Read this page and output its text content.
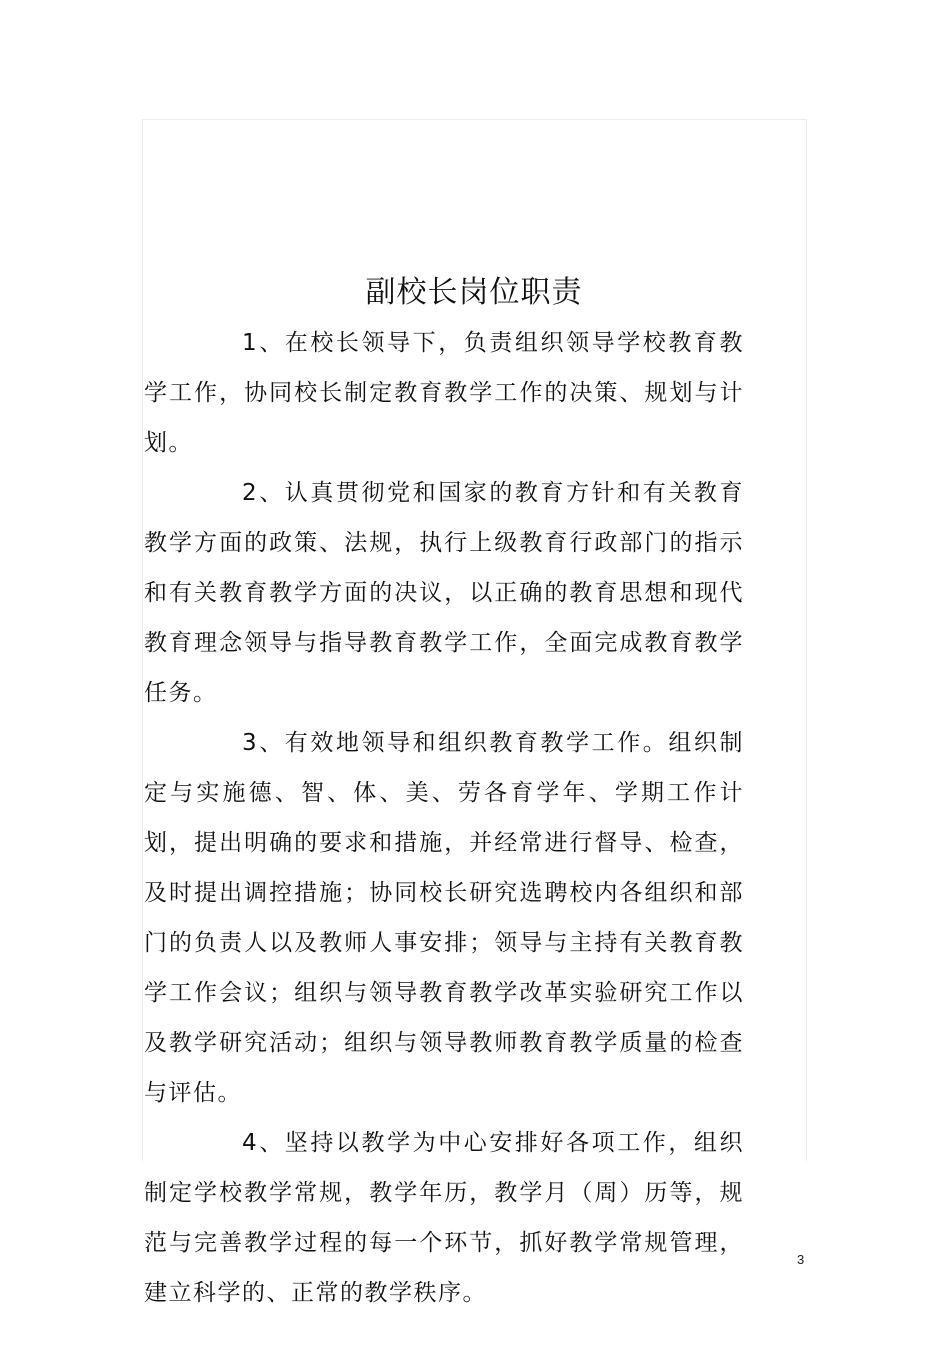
副校长岗位职责

1、在校长领导下，负责组织领导学校教育教学工作，协同校长制定教育教学工作的决策、规划与计划。

2、认真贯彻党和国家的教育方针和有关教育教学方面的政策、法规，执行上级教育行政部门的指示和有关教育教学方面的决议，以正确的教育思想和现代教育理念领导与指导教育教学工作，全面完成教育教学任务。

3、有效地领导和组织教育教学工作。组织制定与实施德、智、体、美、劳各育学年、学期工作计划，提出明确的要求和措施，并经常进行督导、检查，及时提出调控措施；协同校长研究选聘校内各组织和部门的负责人以及教师人事安排；领导与主持有关教育教学工作会议；组织与领导教育教学改革实验研究工作以及教学研究活动；组织与领导教师教育教学质量的检查与评估。

4、坚持以教学为中心安排好各项工作，组织制定学校教学常规，教学年历，教学月（周）历等，规范与完善教学过程的每一个环节，抓好教学常规管理，建立科学的、正常的教学秩序。

3
